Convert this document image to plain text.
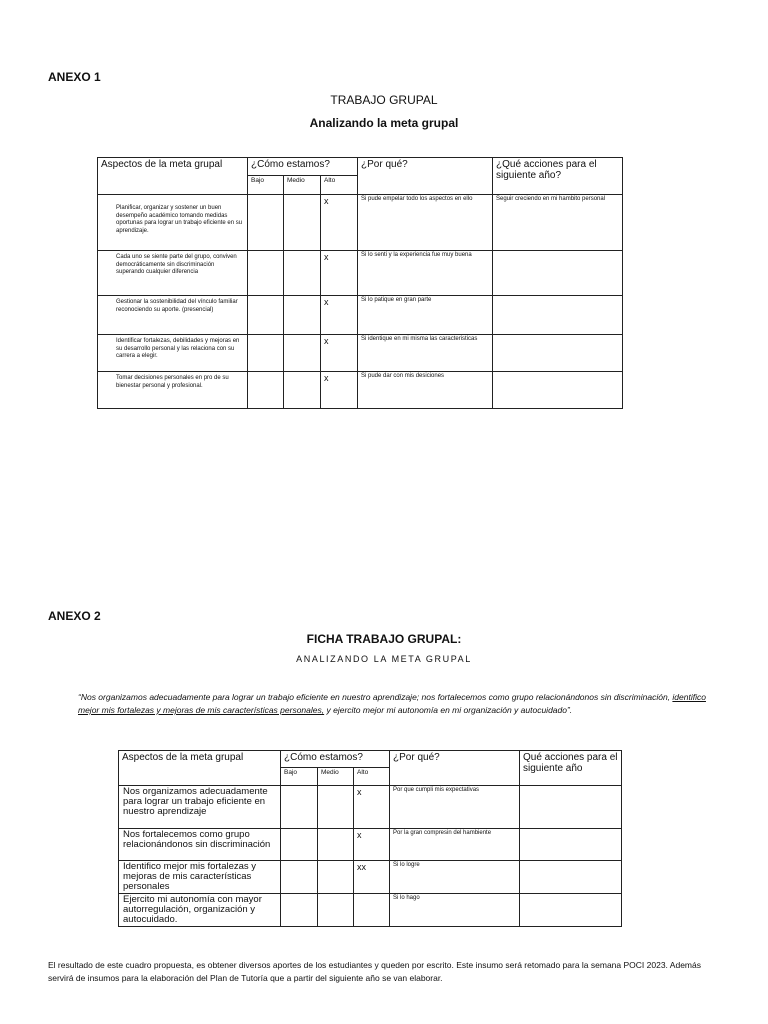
ANEXO 1
TRABAJO GRUPAL
Analizando la meta grupal
Aspectos de la meta grupal	¿Cómo estamos?			¿Por qué?	¿Qué acciones para el siguiente año?
	Bajo	Medio	Alto		
Planificar, organizar y sostener un buen desempeño académico tomando medidas oportunas para lograr un trabajo eficiente en su aprendizaje.			x	Si pude empelar todo los aspectos en ello	Seguir creciendo en mi hambito personal
Cada uno se siente parte del grupo, conviven democráticamente sin discriminación superando cualquier diferencia			x	Si lo senti y la experiencia fue muy buena	
Gestionar la sostenibilidad del vínculo familiar reconociendo su aporte. (presencial)			x	Si lo patique en gran parte	
Identificar fortalezas, debilidades y mejoras en su desarrollo personal y las relaciona con su carrera a elegir.			x	Si identique en mi misma las caracteristicas	
Tomar decisiones personales en pro de su bienestar personal y profesional.			x	Si pude dar con mis desiciones	
ANEXO 2
FICHA TRABAJO GRUPAL:
ANALIZANDO LA META GRUPAL
“Nos organizamos adecuadamente para lograr un trabajo eficiente en nuestro aprendizaje; nos fortalecemos como grupo relacionándonos sin discriminación, identifico mejor mis fortalezas y mejoras de mis características personales, y ejercito mejor mi autonomía en mi organización y autocuidado”.
Aspectos de la meta grupal	¿Cómo estamos?			¿Por qué?	Qué acciones para el siguiente año
	Bajo	Medio	Alto		
Nos organizamos adecuadamente para lograr un trabajo eficiente en nuestro aprendizaje			x	Por que cumpli mis expectativas	
Nos fortalecemos como grupo relacionándonos sin discriminación			x	Por la gran compresin del hambiente	
Identifico mejor mis fortalezas y mejoras de mis características personales			xx	Si lo logre	
Ejercito mi autonomía con mayor autorregulación, organización y autocuidado.				Si lo hago	
El resultado de este cuadro propuesta, es obtener diversos aportes de los estudiantes y queden por escrito. Este insumo será retomado para la semana POCI 2023. Además servirá de insumos para la elaboración del Plan de Tutoría que a partir del siguiente año se van elaborar.
